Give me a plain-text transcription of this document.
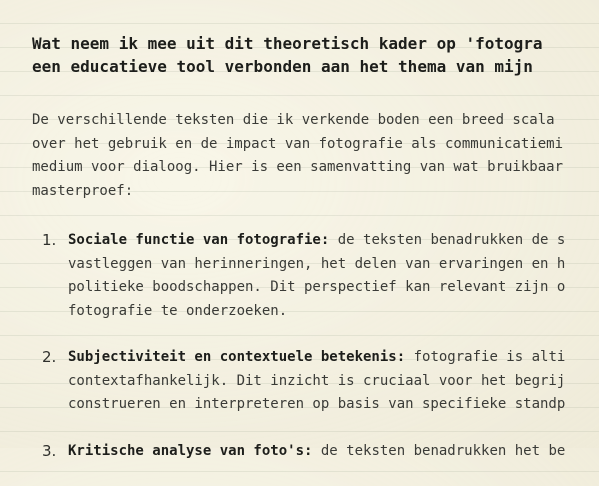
Wat neem ik mee uit dit theoretisch kader op 'fotogra
een educatieve tool verbonden aan het thema van mijn
De verschillende teksten die ik verkende boden een breed scala
over het gebruik en de impact van fotografie als communicatiemi
medium voor dialoog. Hier is een samenvatting van wat bruikbaar
masterproef:
1. Sociale functie van fotografie: de teksten benadrukken de s
vastleggen van herinneringen, het delen van ervaringen en h
politieke boodschappen. Dit perspectief kan relevant zijn o
fotografie te onderzoeken.
2. Subjectiviteit en contextuele betekenis: fotografie is alti
contextafhankelijk. Dit inzicht is cruciaal voor het begrij
construeren en interpreteren op basis van specifieke standp
3. Kritische analyse van foto's: de teksten benadrukken het be
